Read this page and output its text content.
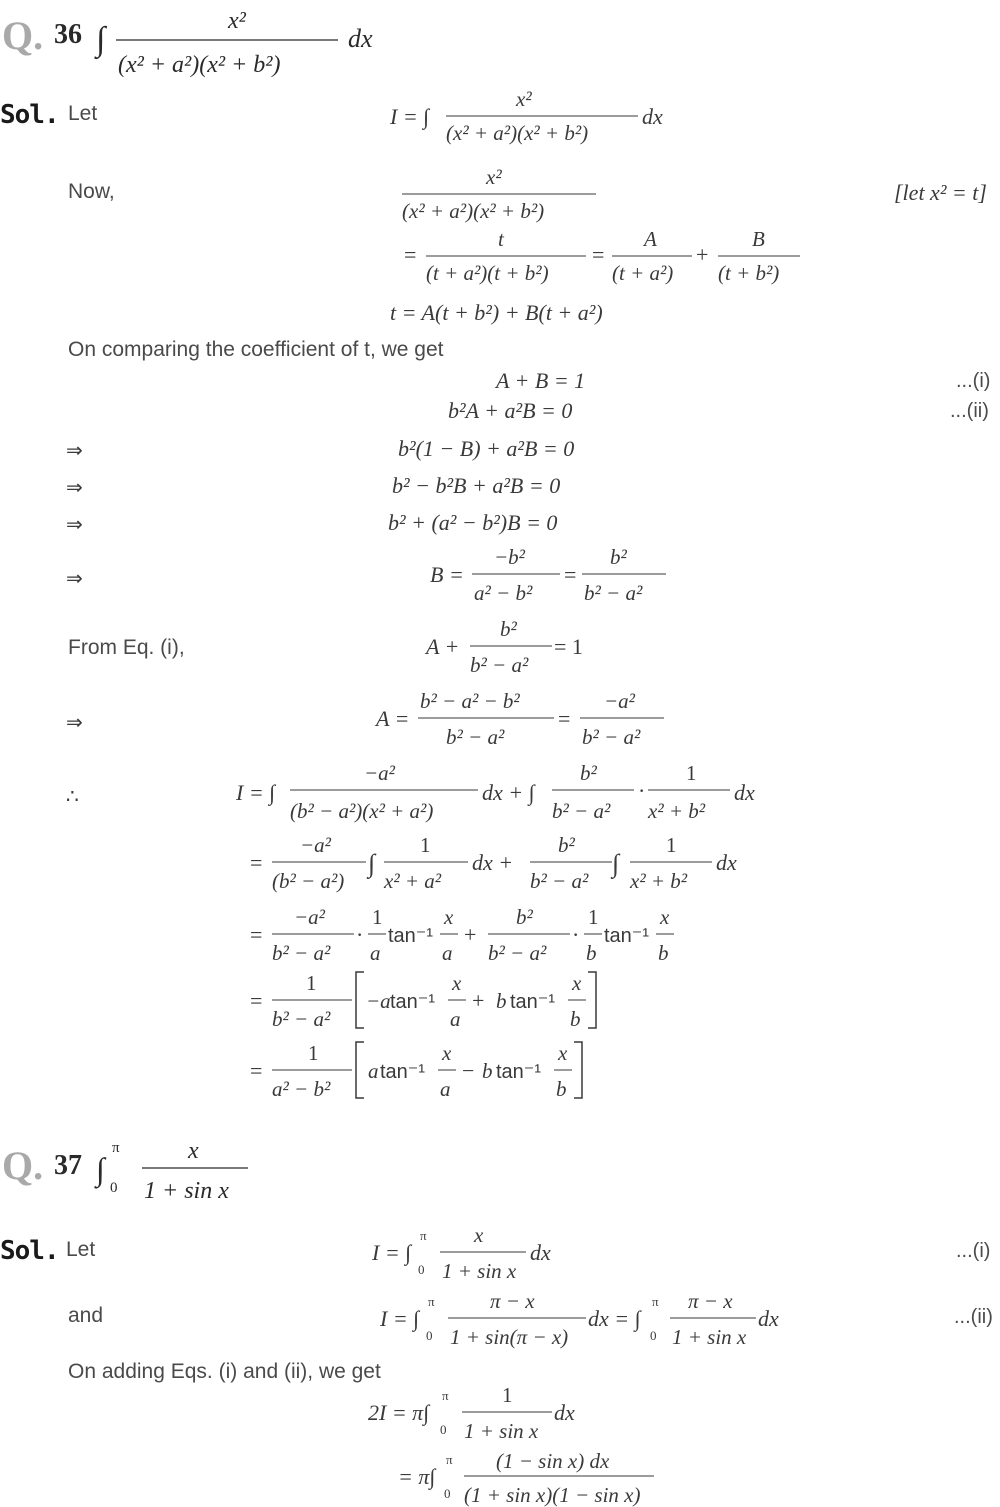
Q. 36 ∫	x²
(x² + a²)(x² + b²)
dx
Sol. Let	I = ∫
x²
(x² + a²)(x² + b²)
dx
Now,
x²
(x² + a²)(x² + b²)
[let x² = t]
=
t
(t + a²)(t + b²)
=
A
(t + a²)
+
B
(t + b²)
t = A(t + b²) + B(t + a²)
On comparing the coefficient of t, we get
A + B = 1	...(i)
b²A + a²B = 0	...(ii)
⇒	b²(1 − B) + a²B = 0
⇒	b² − b²B + a²B = 0
⇒	b² + (a² − b²)B = 0
⇒	B =
−b²
a² − b²
=
b²
b² − a²
From Eq. (i),	A +
b²
b² − a²
= 1
⇒	A =
b² − a² − b²
b² − a²
=
−a²
b² − a²
∴	I = ∫
−a²
(b² − a²)(x² + a²)
dx + ∫
b²
b² − a²
·
1
x² + b²
dx
=
−a²
(b² − a²)
∫
1
x² + a²
dx +
b²
b² − a²
∫
1
x² + b²
dx
=
−a²
b² − a²
·
1
a
tan⁻¹
x
a
+
b²
b² − a²
·
1
b
tan⁻¹
x
b
=
1
b² − a²
−a tan⁻¹
x
a
+ b tan⁻¹
x
b
=
1
a² − b²
a tan⁻¹
x
a
− b tan⁻¹
x
b
Q. 37 ∫
π
0
x
1 + sin x
Sol. Let	I = ∫
π
0
x
1 + sin x
dx	...(i)
and	I = ∫
π
0
π − x
1 + sin(π − x)
dx = ∫
π
0
π − x
1 + sin x
dx	...(ii)
On adding Eqs. (i) and (ii), we get
2I = π∫
π
0
1
1 + sin x
dx
= π∫
π
0
(1 − sin x) dx
(1 + sin x)(1 − sin x)
